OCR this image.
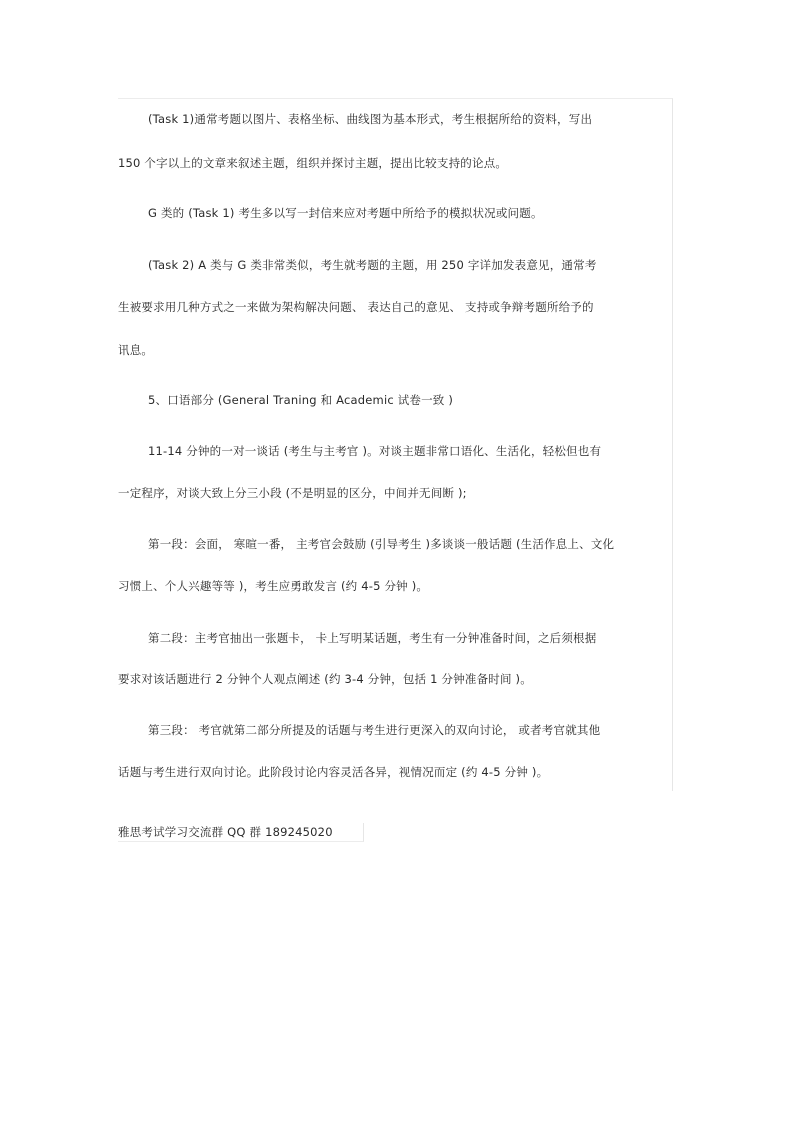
(Task 1)通常考题以图片、表格坐标、曲线图为基本形式，考生根据所给的资料，写出
150 个字以上的文章来叙述主题，组织并探讨主题，提出比较支持的论点。
G 类的 (Task 1) 考生多以写一封信来应对考题中所给予的模拟状况或问题。
(Task 2) A 类与 G 类非常类似，考生就考题的主题，用 250 字详加发表意见，通常考
生被要求用几种方式之一来做为架构解决问题、 表达自己的意见、 支持或争辩考题所给予的
讯息。
5、口语部分 (General Traning 和 Academic 试卷一致 )
11-14 分钟的一对一谈话 (考生与主考官 )。对谈主题非常口语化、生活化，轻松但也有
一定程序，对谈大致上分三小段 (不是明显的区分，中间并无间断 );
第一段：会面， 寒暄一番， 主考官会鼓励 (引导考生 )多谈谈一般话题 (生活作息上、文化
习惯上、个人兴趣等等 )，考生应勇敢发言 (约 4-5 分钟 )。
第二段：主考官抽出一张题卡， 卡上写明某话题，考生有一分钟准备时间，之后须根据
要求对该话题进行 2 分钟个人观点阐述 (约 3-4 分钟，包括 1 分钟准备时间 )。
第三段： 考官就第二部分所提及的话题与考生进行更深入的双向讨论， 或者考官就其他
话题与考生进行双向讨论。此阶段讨论内容灵活各异，视情况而定 (约 4-5 分钟 )。
雅思考试学习交流群 QQ 群 189245020
